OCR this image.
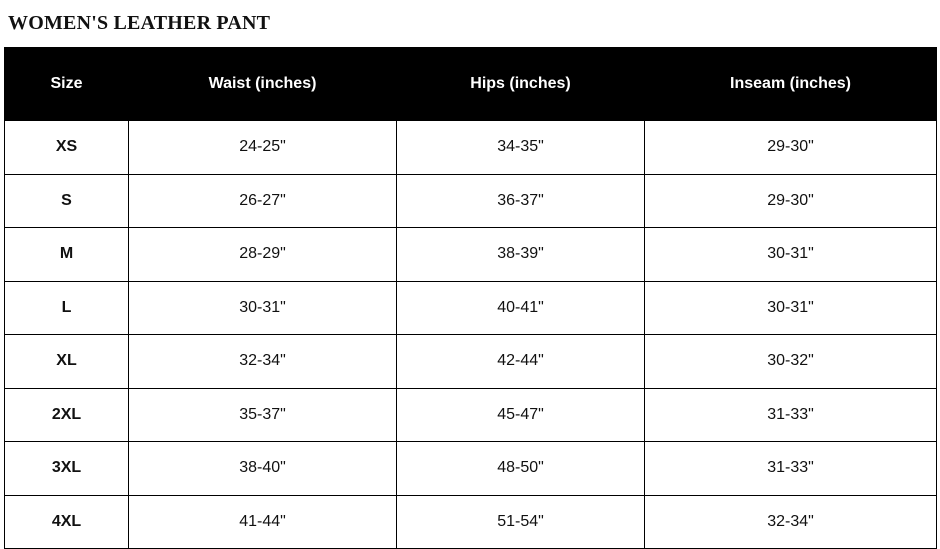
WOMEN'S LEATHER PANT
Size	Waist (inches)	Hips (inches)	Inseam (inches)
XS	24-25"	34-35"	29-30"
S	26-27"	36-37"	29-30"
M	28-29"	38-39"	30-31"
L	30-31"	40-41"	30-31"
XL	32-34"	42-44"	30-32"
2XL	35-37"	45-47"	31-33"
3XL	38-40"	48-50"	31-33"
4XL	41-44"	51-54"	32-34"
